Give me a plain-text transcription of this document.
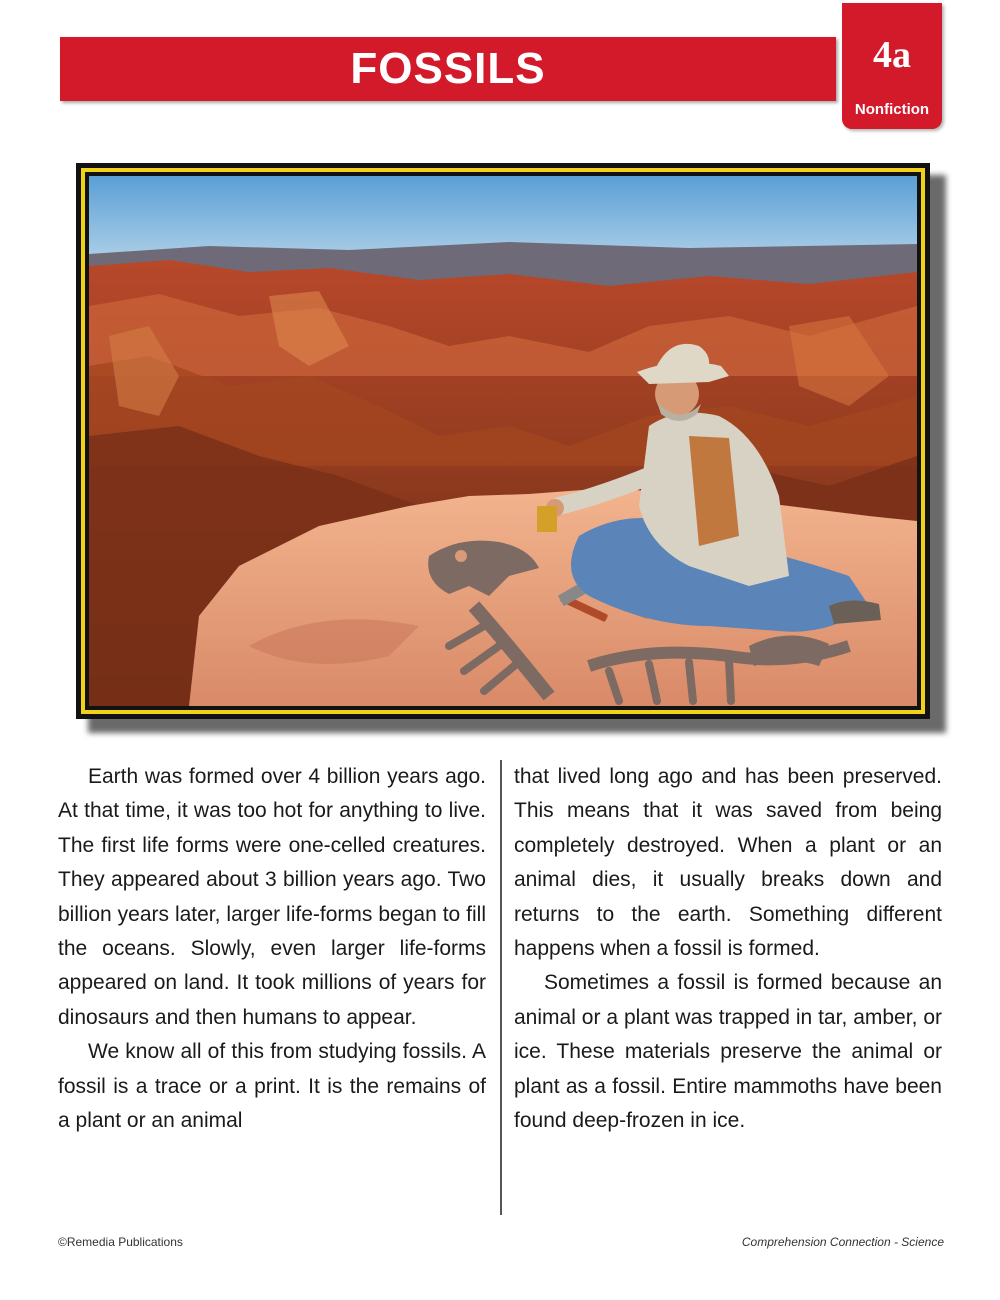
FOSSILS	4a
Nonfiction

Earth was formed over 4 billion years ago. At that time, it was too hot for anything to live. The first life forms were one-celled creatures. They appeared about 3 billion years ago. Two billion years later, larger life-forms began to fill the oceans. Slowly, even larger life-forms appeared on land. It took millions of years for dinosaurs and then humans to appear.

We know all of this from studying fossils. A fossil is a trace or a print. It is the remains of a plant or an animal

that lived long ago and has been preserved. This means that it was saved from being completely destroyed. When a plant or an animal dies, it usually breaks down and returns to the earth. Something different happens when a fossil is formed.

Sometimes a fossil is formed because an animal or a plant was trapped in tar, amber, or ice. These materials preserve the animal or plant as a fossil. Entire mammoths have been found deep-frozen in ice.

©Remedia Publications	Comprehension Connection - Science
